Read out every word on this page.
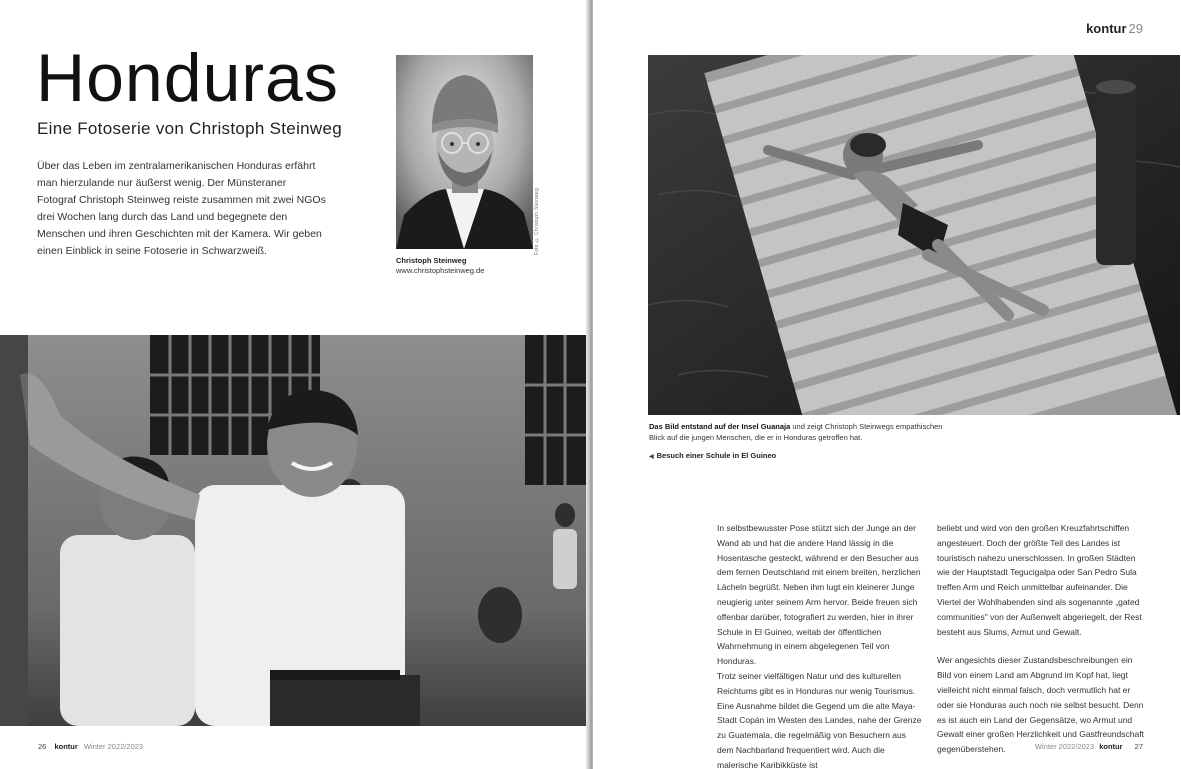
Honduras
Eine Fotoserie von Christoph Steinweg

Über das Leben im zentralamerikanischen Honduras erfährt man hierzulande nur äußerst wenig. Der Münsteraner Fotograf Christoph Steinweg reiste zusammen mit zwei NGOs drei Wochen lang durch das Land und begegnete den Menschen und ihren Geschichten mit der Kamera. Wir geben einen Einblick in seine Fotoserie in Schwarzweiß.	Foto © Christoph Steinweg
Christoph Steinweg
www.christophsteinweg.de
26 kontur Winter 2022/2023
kontur 29
Das Bild entstand auf der Insel Guanaja und zeigt Christoph Steinwegs empathischen Blick auf die jungen Menschen, die er in Honduras getroffen hat.
◀ Besuch einer Schule in El Guineo

In selbstbewusster Pose stützt sich der Junge an der Wand ab und hat die andere Hand lässig in die Hosentasche gesteckt, während er den Besucher aus dem fernen Deutschland mit einem breiten, herzlichen Lächeln begrüßt. Neben ihm lugt ein kleinerer Junge neugierig unter seinem Arm hervor. Beide freuen sich offenbar darüber, fotografiert zu werden, hier in ihrer Schule in El Guineo, weitab der öffentlichen Wahrnehmung in einem abgelegenen Teil von Honduras.

Trotz seiner vielfältigen Natur und des kulturellen Reichtums gibt es in Honduras nur wenig Tourismus. Eine Ausnahme bildet die Gegend um die alte Maya-Stadt Copán im Westen des Landes, nahe der Grenze zu Guatemala, die regelmäßig von Besuchern aus dem Nachbarland frequentiert wird. Auch die malerische Karibikküste ist

beliebt und wird von den großen Kreuzfahrtschiffen angesteuert. Doch der größte Teil des Landes ist touristisch nahezu unerschlossen. In großen Städten wie der Hauptstadt Tegucigalpa oder San Pedro Sula treffen Arm und Reich unmittelbar aufeinander. Die Viertel der Wohlhabenden sind als sogenannte „gated communities" von der Außenwelt abgeriegelt, der Rest besteht aus Slums, Armut und Gewalt.

Wer angesichts dieser Zustandsbeschreibungen ein Bild von einem Land am Abgrund im Kopf hat, liegt vielleicht nicht einmal falsch, doch vermutlich hat er oder sie Honduras auch noch nie selbst besucht. Denn es ist auch ein Land der Gegensätze, wo Armut und Gewalt einer großen Herzlichkeit und Gastfreundschaft gegenüberstehen.	Winter 2022/2023 kontur 27
